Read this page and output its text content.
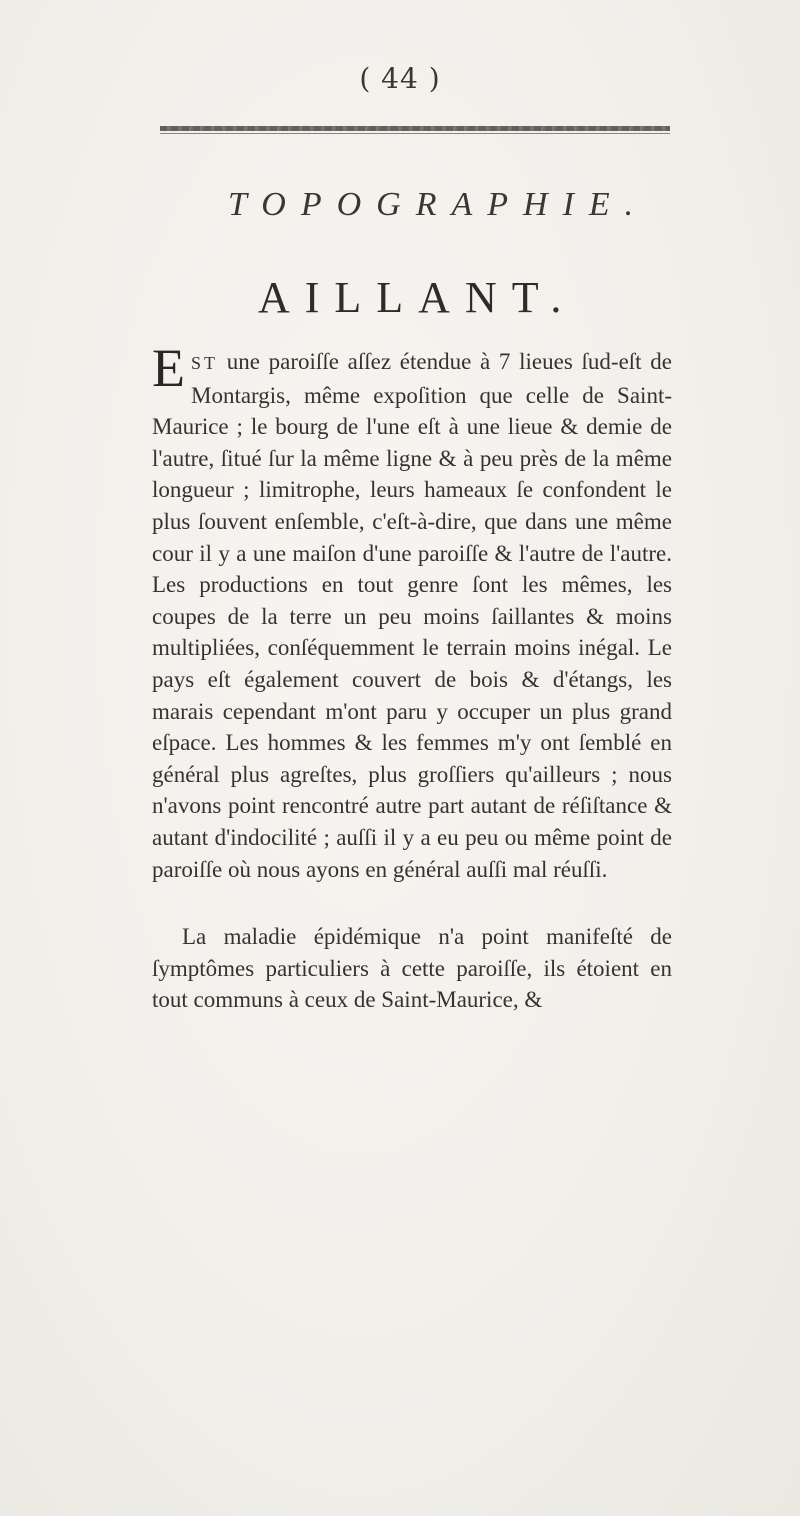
( 44 )
TOPOGRAPHIE.
AILLANT.

EST une paroiſſe aſſez étendue à 7 lieues ſud-eſt de Montargis, même expoſition que celle de Saint-Maurice ; le bourg de l'une eſt à une lieue & demie de l'autre, ſitué ſur la même ligne & à peu près de la même longueur ; limitrophe, leurs hameaux ſe confondent le plus ſouvent enſemble, c'eſt-à-dire, que dans une même cour il y a une maiſon d'une paroiſſe & l'autre de l'autre. Les productions en tout genre ſont les mêmes, les coupes de la terre un peu moins ſaillantes & moins multipliées, conſéquemment le terrain moins inégal. Le pays eſt également couvert de bois & d'étangs, les marais cependant m'ont paru y occuper un plus grand eſpace. Les hommes & les femmes m'y ont ſemblé en général plus agreſtes, plus groſſiers qu'ailleurs ; nous n'avons point rencontré autre part autant de réſiſtance & autant d'indocilité ; auſſi il y a eu peu ou même point de paroiſſe où nous ayons en général auſſi mal réuſſi.

La maladie épidémique n'a point manifeſté de ſymptômes particuliers à cette paroiſſe, ils étoient en tout communs à ceux de Saint-Maurice, &
